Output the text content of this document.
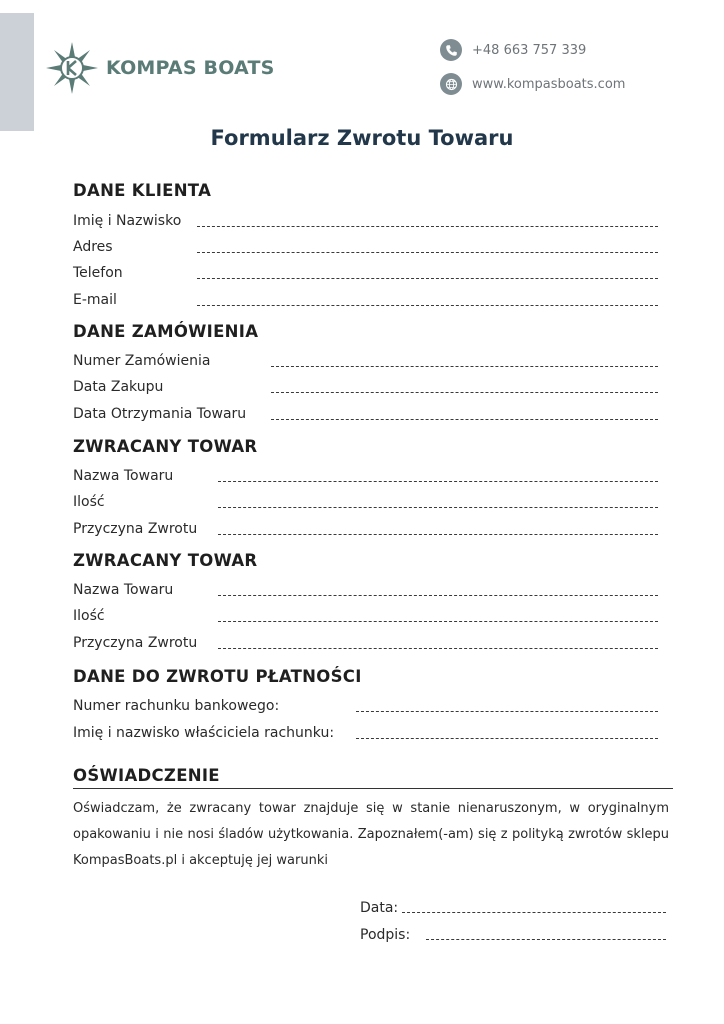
KOMPAS BOATS
+48 663 757 339
www.kompasboats.com
Formularz Zwrotu Towaru
DANE KLIENTA
Imię i Nazwisko
Adres
Telefon
E-mail
DANE ZAMÓWIENIA
Numer Zamówienia
Data Zakupu
Data Otrzymania Towaru
ZWRACANY TOWAR
Nazwa Towaru
Ilość
Przyczyna Zwrotu
ZWRACANY TOWAR
Nazwa Towaru
Ilość
Przyczyna Zwrotu
DANE DO ZWROTU PŁATNOŚCI
Numer rachunku bankowego:
Imię i nazwisko właściciela rachunku:
OŚWIADCZENIE

Oświadczam, że zwracany towar znajduje się w stanie nienaruszonym, w oryginalnym opakowaniu i nie nosi śladów użytkowania. Zapoznałem(-am) się z polityką zwrotów sklepu KompasBoats.pl i akceptuję jej warunki

Data:
Podpis:
